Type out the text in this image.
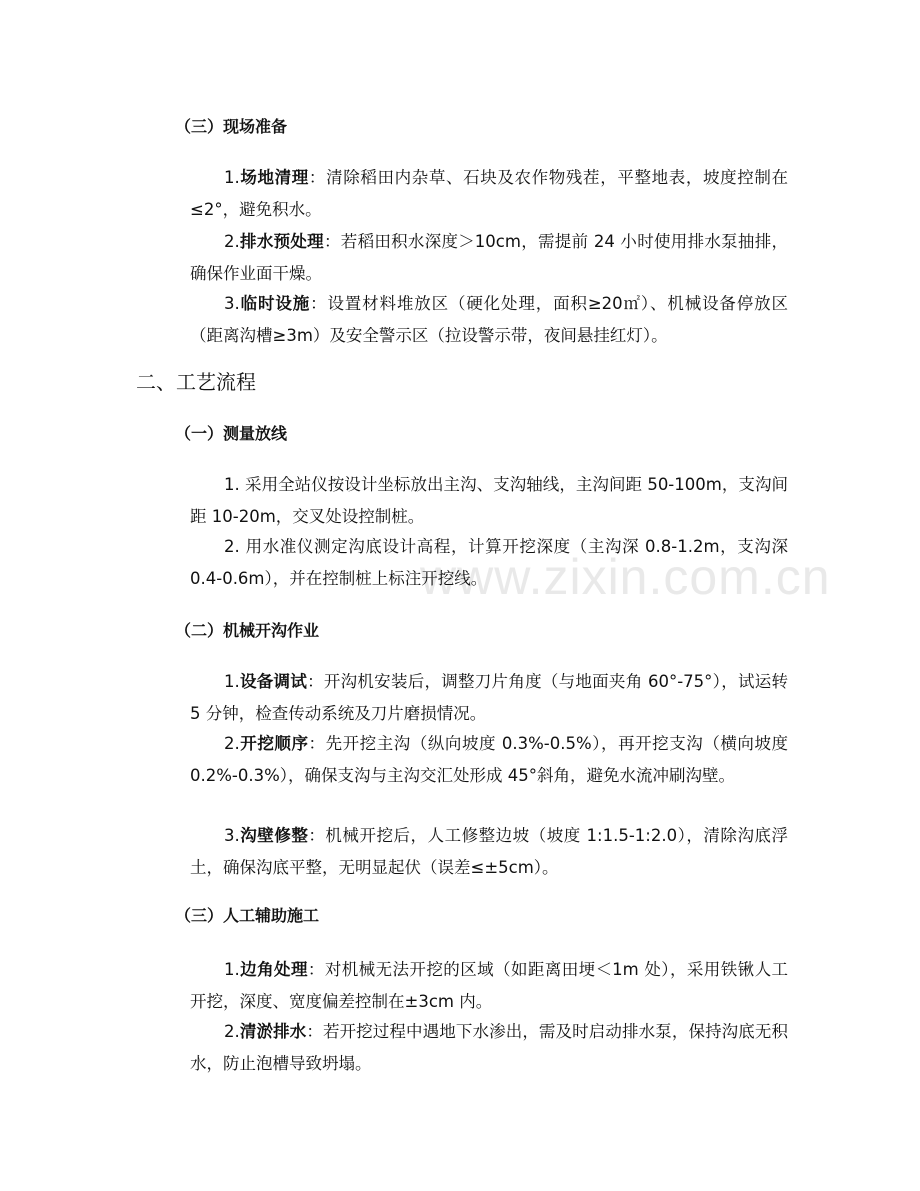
www.zixin.com.cn
（三）现场准备

1.场地清理：清除稻田内杂草、石块及农作物残茬，平整地表，坡度控制在≤2°，避免积水。

2.排水预处理：若稻田积水深度＞10cm，需提前 24 小时使用排水泵抽排，确保作业面干燥。

3.临时设施：设置材料堆放区（硬化处理，面积≥20㎡）、机械设备停放区（距离沟槽≥3m）及安全警示区（拉设警示带，夜间悬挂红灯）。

二、工艺流程
（一）测量放线

1. 采用全站仪按设计坐标放出主沟、支沟轴线，主沟间距 50-100m，支沟间距 10-20m，交叉处设控制桩。

2. 用水准仪测定沟底设计高程，计算开挖深度（主沟深 0.8-1.2m，支沟深 0.4-0.6m），并在控制桩上标注开挖线。

（二）机械开沟作业

1.设备调试：开沟机安装后，调整刀片角度（与地面夹角 60°-75°），试运转 5 分钟，检查传动系统及刀片磨损情况。

2.开挖顺序：先开挖主沟（纵向坡度 0.3%-0.5%），再开挖支沟（横向坡度 0.2%-0.3%），确保支沟与主沟交汇处形成 45°斜角，避免水流冲刷沟壁。

3.沟壁修整：机械开挖后，人工修整边坡（坡度 1:1.5-1:2.0），清除沟底浮土，确保沟底平整，无明显起伏（误差≤±5cm）。

（三）人工辅助施工

1.边角处理：对机械无法开挖的区域（如距离田埂＜1m 处），采用铁锹人工开挖，深度、宽度偏差控制在±3cm 内。

2.清淤排水：若开挖过程中遇地下水渗出，需及时启动排水泵，保持沟底无积水，防止泡槽导致坍塌。
